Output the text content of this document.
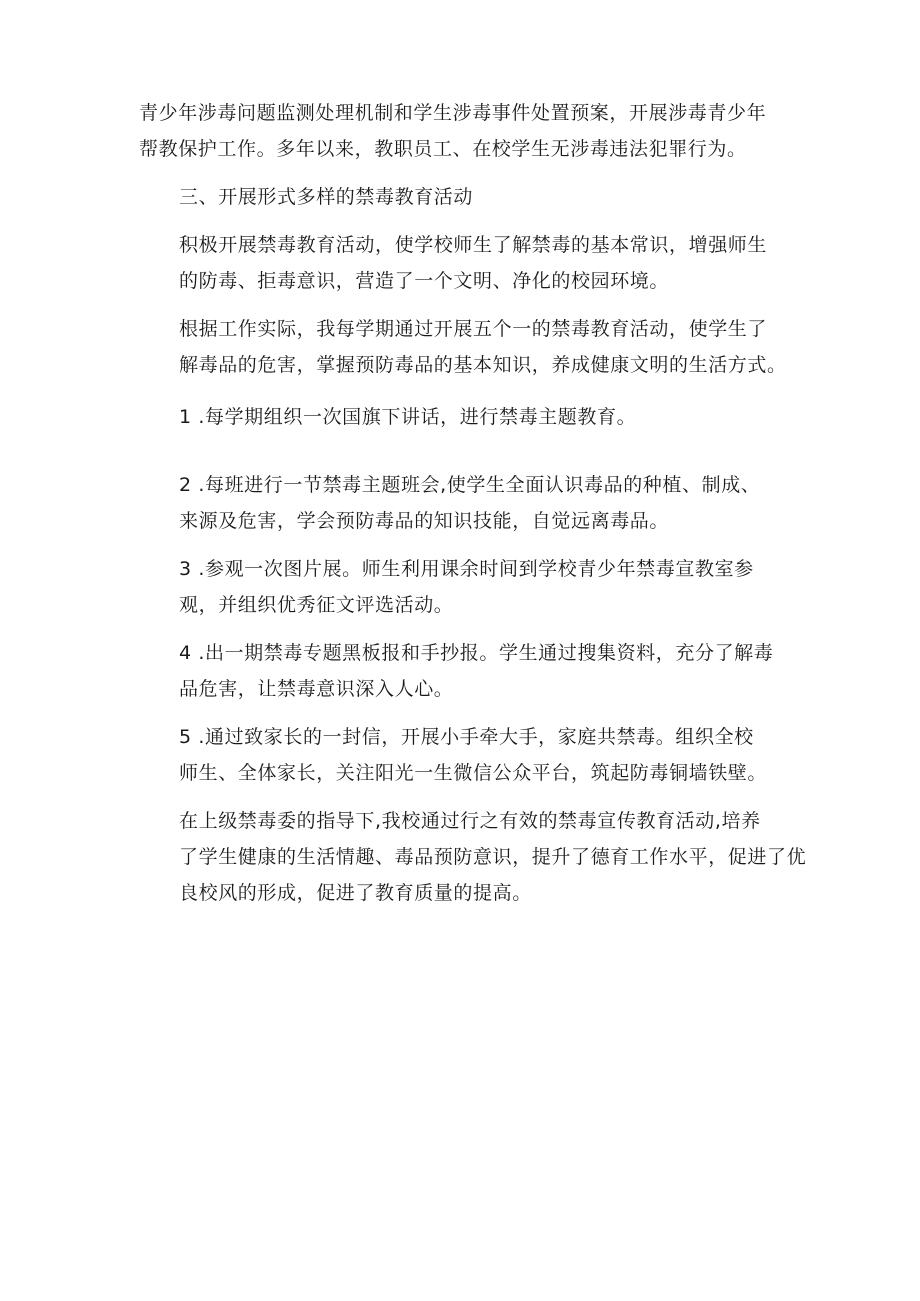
青少年涉毒问题监测处理机制和学生涉毒事件处置预案，开展涉毒青少年
帮教保护工作。多年以来，教职员工、在校学生无涉毒违法犯罪行为。

三、开展形式多样的禁毒教育活动

积极开展禁毒教育活动，使学校师生了解禁毒的基本常识，增强师生
的防毒、拒毒意识，营造了一个文明、净化的校园环境。

根据工作实际，我每学期通过开展五个一的禁毒教育活动，使学生了
解毒品的危害，掌握预防毒品的基本知识，养成健康文明的生活方式。

1 .每学期组织一次国旗下讲话，进行禁毒主题教育。

2 .每班进行一节禁毒主题班会,使学生全面认识毒品的种植、制成、
来源及危害，学会预防毒品的知识技能，自觉远离毒品。

3 .参观一次图片展。师生利用课余时间到学校青少年禁毒宣教室参
观，并组织优秀征文评选活动。

4 .出一期禁毒专题黑板报和手抄报。学生通过搜集资料，充分了解毒
品危害，让禁毒意识深入人心。

5 .通过致家长的一封信，开展小手牵大手，家庭共禁毒。组织全校
师生、全体家长，关注阳光一生微信公众平台，筑起防毒铜墙铁壁。

在上级禁毒委的指导下,我校通过行之有效的禁毒宣传教育活动,培养
了学生健康的生活情趣、毒品预防意识，提升了德育工作水平，促进了优
良校风的形成，促进了教育质量的提高。
